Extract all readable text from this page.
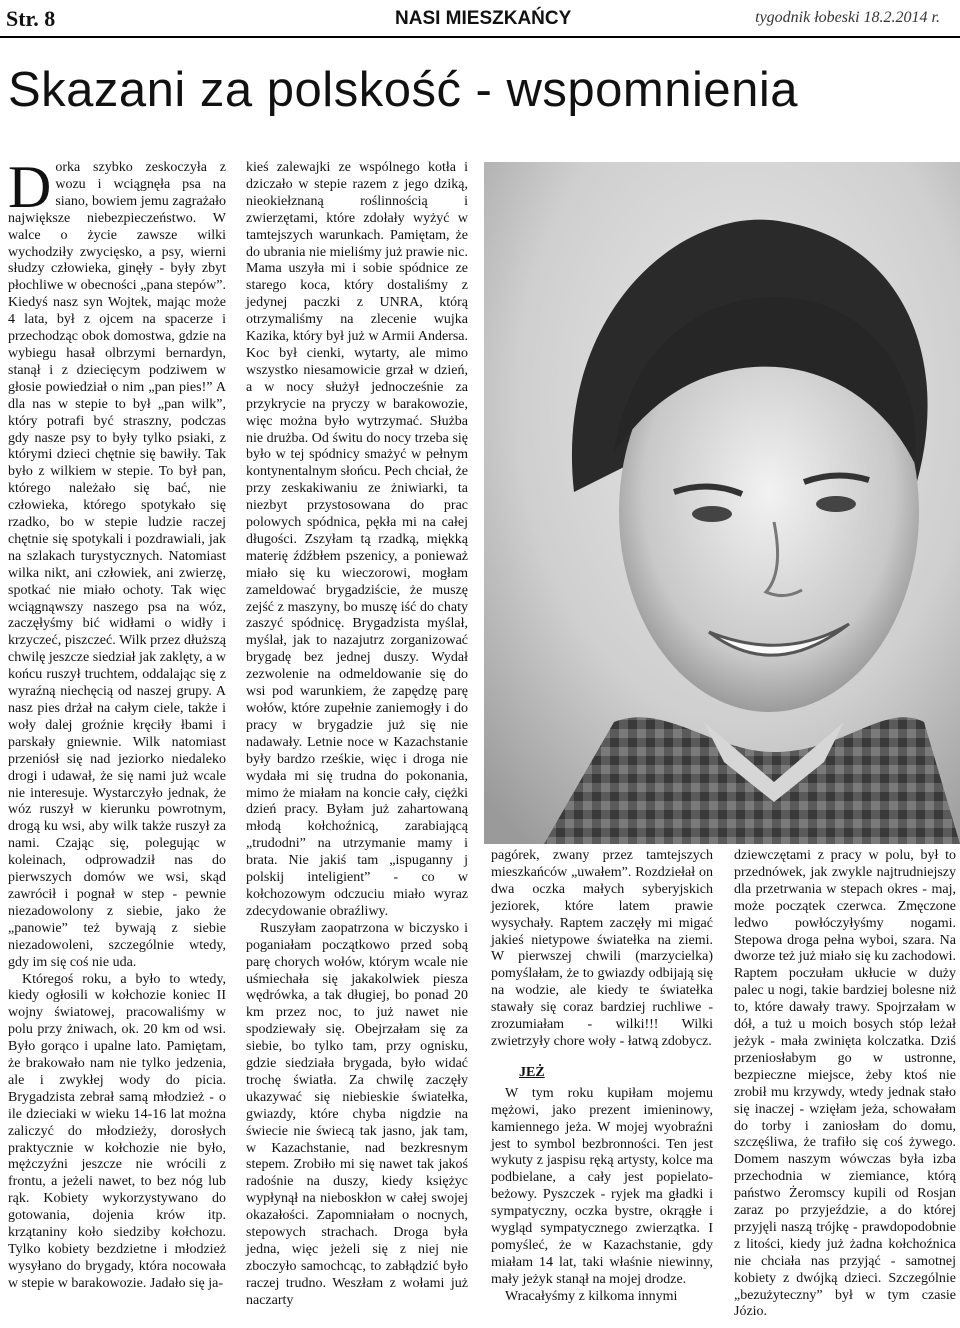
Str. 8	NASI MIESZKAŃCY	tygodnik łobeski 18.2.2014 r.
Skazani za polskość - wspomnienia

Dorka szybko zeskoczyła z wozu i wciągnęła psa na siano, bowiem jemu zagrażało największe niebezpieczeństwo. W walce o życie zawsze wilki wychodziły zwycięsko, a psy, wierni słudzy człowieka, ginęły - były zbyt płochliwe w obecności „pana stepów”. Kiedyś nasz syn Wojtek, mając może 4 lata, był z ojcem na spacerze i przechodząc obok domostwa, gdzie na wybiegu hasał olbrzymi bernardyn, stanął i z dziecięcym podziwem w głosie powiedział o nim „pan pies!” A dla nas w stepie to był „pan wilk”, który potrafi być straszny, podczas gdy nasze psy to były tylko psiaki, z którymi dzieci chętnie się bawiły. Tak było z wilkiem w stepie. To był pan, którego należało się bać, nie człowieka, którego spotykało się rzadko, bo w stepie ludzie raczej chętnie się spotykali i pozdrawiali, jak na szlakach turystycznych. Natomiast wilka nikt, ani człowiek, ani zwierzę, spotkać nie miało ochoty. Tak więc wciągnąwszy naszego psa na wóz, zaczęłyśmy bić widłami o widły i krzyczeć, piszczeć. Wilk przez dłuższą chwilę jeszcze siedział jak zaklęty, a w końcu ruszył truchtem, oddalając się z wyraźną niechęcią od naszej grupy. A nasz pies drżał na całym ciele, także i woły dalej groźnie kręciły łbami i parskały gniewnie. Wilk natomiast przeniósł się nad jeziorko niedaleko drogi i udawał, że się nami już wcale nie interesuje. Wystarczyło jednak, że wóz ruszył w kierunku powrotnym, drogą ku wsi, aby wilk także ruszył za nami. Czając się, polegując w koleinach, odprowadził nas do pierwszych domów we wsi, skąd zawrócił i pognał w step - pewnie niezadowolony z siebie, jako że „panowie” też bywają z siebie niezadowoleni, szczególnie wtedy, gdy im się coś nie uda.

Któregoś roku, a było to wtedy, kiedy ogłosili w kołchozie koniec II wojny światowej, pracowaliśmy w polu przy żniwach, ok. 20 km od wsi. Było gorąco i upalne lato. Pamiętam, że brakowało nam nie tylko jedzenia, ale i zwykłej wody do picia. Brygadzista zebrał samą młodzież - o ile dzieciaki w wieku 14-16 lat można zaliczyć do młodzieży, dorosłych praktycznie w kołchozie nie było, mężczyźni jeszcze nie wrócili z frontu, a jeżeli nawet, to bez nóg lub rąk. Kobiety wykorzystywano do gotowania, dojenia krów itp. krzątaniny koło siedziby kołchozu. Tylko kobiety bezdzietne i młodzież wysyłano do brygady, która nocowała w stepie w barakowozie. Jadało się ja-

kieś zalewajki ze wspólnego kotła i dziczało w stepie razem z jego dziką, nieokiełznaną roślinnością i zwierzętami, które zdołały wyżyć w tamtejszych warunkach. Pamiętam, że do ubrania nie mieliśmy już prawie nic. Mama uszyła mi i sobie spódnice ze starego koca, który dostaliśmy z jedynej paczki z UNRA, którą otrzymaliśmy na zlecenie wujka Kazika, który był już w Armii Andersa. Koc był cienki, wytarty, ale mimo wszystko niesamowicie grzał w dzień, a w nocy służył jednocześnie za przykrycie na pryczy w barakowozie, więc można było wytrzymać. Służba nie drużba. Od świtu do nocy trzeba się było w tej spódnicy smażyć w pełnym kontynentalnym słońcu. Pech chciał, że przy zeskakiwaniu ze żniwiarki, ta niezbyt przystosowana do prac polowych spódnica, pękła mi na całej długości. Zszyłam tą rzadką, miękką materię źdźbłem pszenicy, a ponieważ miało się ku wieczorowi, mogłam zameldować brygadziście, że muszę zejść z maszyny, bo muszę iść do chaty zaszyć spódnicę. Brygadzista myślał, myślał, jak to nazajutrz zorganizować brygadę bez jednej duszy. Wydał zezwolenie na odmeldowanie się do wsi pod warunkiem, że zapędzę parę wołów, które zupełnie zaniemogły i do pracy w brygadzie już się nie nadawały. Letnie noce w Kazachstanie były bardzo rześkie, więc i droga nie wydała mi się trudna do pokonania, mimo że miałam na koncie cały, ciężki dzień pracy. Byłam już zahartowaną młodą kołchoźnicą, zarabiającą „trudodni” na utrzymanie mamy i brata. Nie jakiś tam „ispuganny j polskij inteligient” - co w kołchozowym odczuciu miało wyraz zdecydowanie obraźliwy.

Ruszyłam zaopatrzona w biczysko i poganiałam początkowo przed sobą parę chorych wołów, którym wcale nie uśmiechała się jakakolwiek piesza wędrówka, a tak długiej, bo ponad 20 km przez noc, to już nawet nie spodziewały się. Obejrzałam się za siebie, bo tylko tam, przy ognisku, gdzie siedziała brygada, było widać trochę światła. Za chwilę zaczęły ukazywać się niebieskie światełka, gwiazdy, które chyba nigdzie na świecie nie świecą tak jasno, jak tam, w Kazachstanie, nad bezkresnym stepem. Zrobiło mi się nawet tak jakoś radośnie na duszy, kiedy księżyc wypłynął na nieboskłon w całej swojej okazałości. Zapomniałam o nocnych, stepowych strachach. Droga była jedna, więc jeżeli się z niej nie zboczyło samochcąc, to zabłądzić było raczej trudno. Weszłam z wołami już naczarty

pagórek, zwany przez tamtejszych mieszkańców „uwałem”. Rozdziełał on dwa oczka małych syberyjskich jeziorek, które latem prawie wysychały. Raptem zaczęły mi migać jakieś nietypowe światełka na ziemi. W pierwszej chwili (marzycielka) pomyślałam, że to gwiazdy odbijają się na wodzie, ale kiedy te światełka stawały się coraz bardziej ruchliwe - zrozumiałam - wilki!!! Wilki zwietrzyły chore woły - łatwą zdobycz.

JEŻ

W tym roku kupiłam mojemu mężowi, jako prezent imieninowy, kamiennego jeża. W mojej wyobraźni jest to symbol bezbronności. Ten jest wykuty z jaspisu ręką artysty, kolce ma podbielane, a cały jest popielato-beżowy. Pyszczek - ryjek ma gładki i sympatyczny, oczka bystre, okrągłe i wygląd sympatycznego zwierzątka. I pomyśleć, że w Kazachstanie, gdy miałam 14 lat, taki właśnie niewinny, mały jeżyk stanął na mojej drodze.

Wracałyśmy z kilkoma innymi

dziewczętami z pracy w polu, był to przednówek, jak zwykle najtrudniejszy dla przetrwania w stepach okres - maj, może początek czerwca. Zmęczone ledwo powłóczyłyśmy nogami. Stepowa droga pełna wyboi, szara. Na dworze też już miało się ku zachodowi. Raptem poczułam ukłucie w duży palec u nogi, takie bardziej bolesne niż to, które dawały trawy. Spojrzałam w dół, a tuż u moich bosych stóp leżał jeżyk - mała zwinięta kolczatka. Dziś przeniosłabym go w ustronne, bezpieczne miejsce, żeby ktoś nie zrobił mu krzywdy, wtedy jednak stało się inaczej - wzięłam jeża, schowałam do torby i zaniosłam do domu, szczęśliwa, że trafiło się coś żywego. Domem naszym wówczas była izba przechodnia w ziemiance, którą państwo Żeromscy kupili od Rosjan zaraz po przyjeździe, a do której przyjęli naszą trójkę - prawdopodobnie z litości, kiedy już żadna kołchoźnica nie chciała nas przyjąć - samotnej kobiety z dwójką dzieci. Szczególnie „bezużyteczny” był w tym czasie Józio.
